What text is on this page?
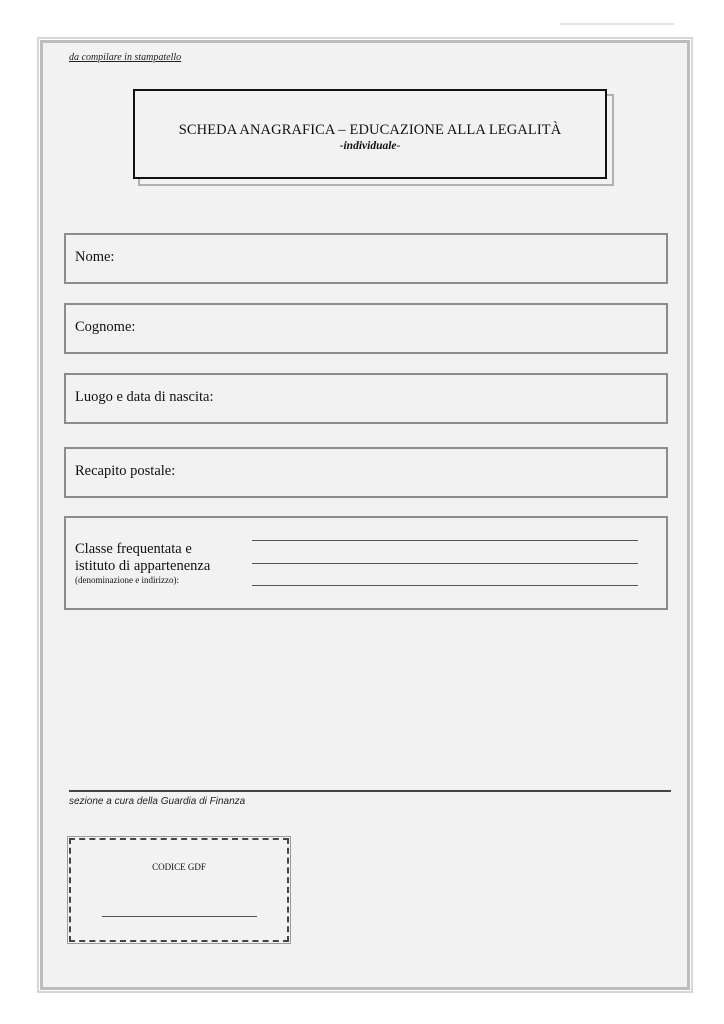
da compilare in stampatello
SCHEDA ANAGRAFICA – EDUCAZIONE ALLA LEGALITÀ
-individuale-
Nome:
Cognome:
Luogo e data di nascita:
Recapito postale:
Classe frequentata e
istituto di appartenenza
(denominazione e indirizzo):
sezione a cura della Guardia di Finanza
CODICE GDF
